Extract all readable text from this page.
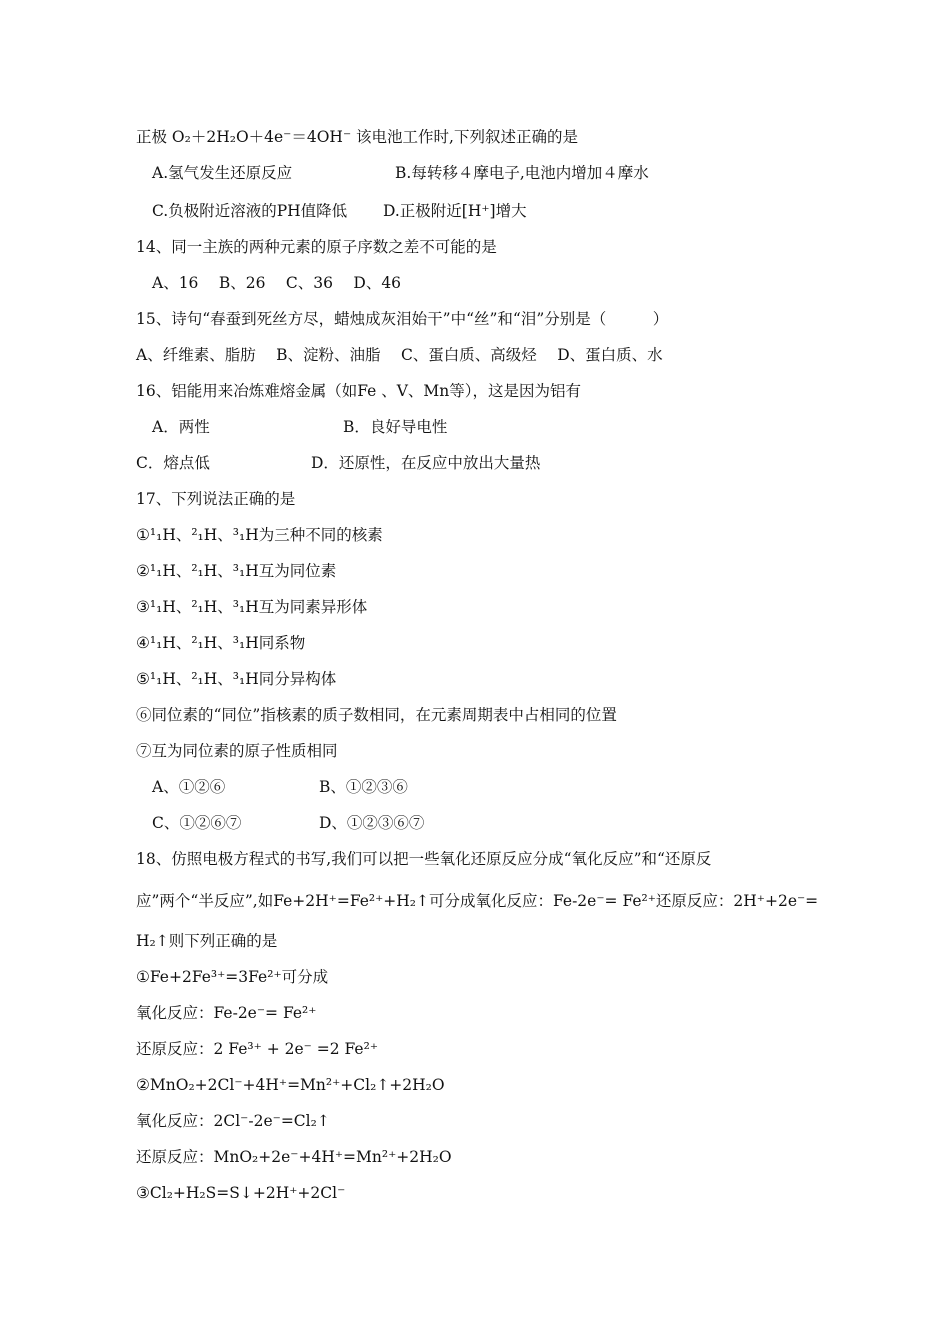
正极 O₂＋2H₂O＋4e⁻＝4OH⁻ 该电池工作时,下列叙述正确的是
A.氢气发生还原反应	B.每转移４摩电子,电池内增加４摩水
C.负极附近溶液的PH值降低 D.正极附近[H⁺]增大
14、同一主族的两种元素的原子序数之差不可能的是
A、16　 B、26　 C、36　 D、46
15、诗句“春蚕到死丝方尽，蜡烛成灰泪始干”中“丝”和“泪”分别是（　　　）
A、纤维素、脂肪　 B、淀粉、油脂　 C、蛋白质、高级烃　 D、蛋白质、水
16、铝能用来冶炼难熔金属（如Fe 、V、Mn等），这是因为铝有
A．两性	B．良好导电性
C．熔点低	D．还原性，在反应中放出大量热
17、下列说法正确的是
①¹₁H、²₁H、³₁H为三种不同的核素
②¹₁H、²₁H、³₁H互为同位素
③¹₁H、²₁H、³₁H互为同素异形体
④¹₁H、²₁H、³₁H同系物
⑤¹₁H、²₁H、³₁H同分异构体
⑥同位素的“同位”指核素的质子数相同，在元素周期表中占相同的位置
⑦互为同位素的原子性质相同
A、①②⑥	B、①②③⑥
C、①②⑥⑦	D、①②③⑥⑦
18、仿照电极方程式的书写,我们可以把一些氧化还原反应分成“氧化反应”和“还原反
应”两个“半反应”,如Fe+2H⁺=Fe²⁺+H₂↑可分成氧化反应：Fe-2e⁻= Fe²⁺还原反应：2H⁺+2e⁻=
H₂↑则下列正确的是
①Fe+2Fe³⁺=3Fe²⁺可分成
氧化反应：Fe-2e⁻= Fe²⁺
还原反应：2 Fe³⁺ + 2e⁻ =2 Fe²⁺
②MnO₂+2Cl⁻+4H⁺=Mn²⁺+Cl₂↑+2H₂O
氧化反应：2Cl⁻-2e⁻=Cl₂↑
还原反应：MnO₂+2e⁻+4H⁺=Mn²⁺+2H₂O
③Cl₂+H₂S=S↓+2H⁺+2Cl⁻
